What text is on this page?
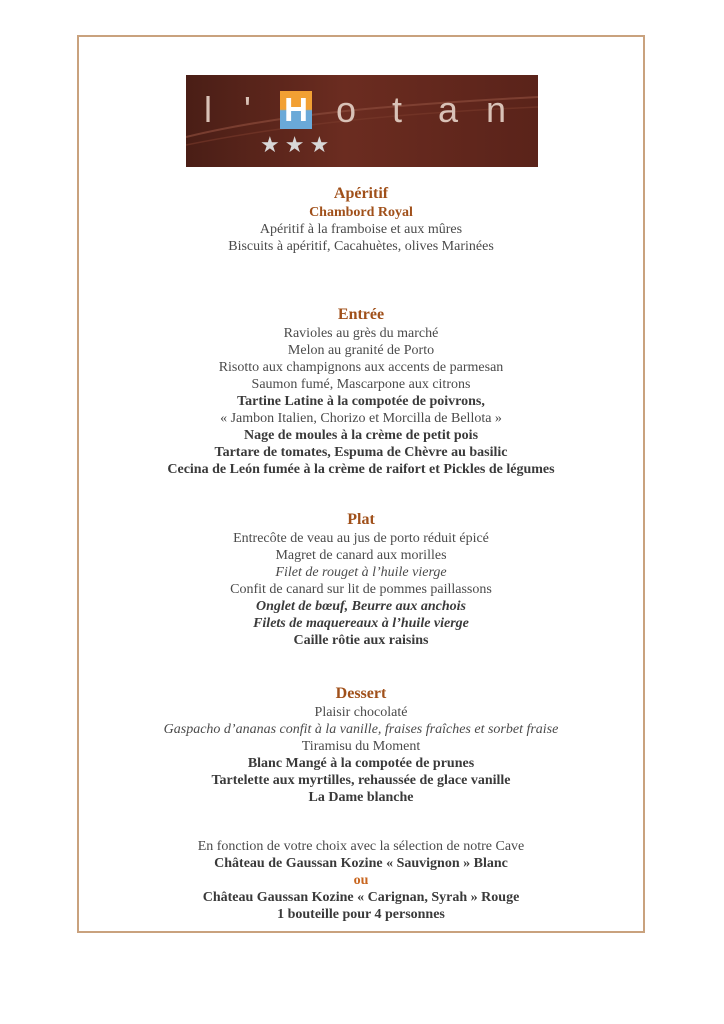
l ' o t a n
H
★★★
Apéritif
Chambord Royal
Apéritif à la framboise et aux mûres
Biscuits à apéritif, Cacahuètes, olives Marinées
Entrée
Ravioles au grès du marché
Melon au granité de Porto
Risotto aux champignons aux accents de parmesan
Saumon fumé, Mascarpone aux citrons
Tartine Latine à la compotée de poivrons,
« Jambon Italien, Chorizo et Morcilla de Bellota »
Nage de moules à la crème de petit pois
Tartare de tomates, Espuma de Chèvre au basilic
Cecina de León fumée à la crème de raifort et Pickles de légumes
Plat
Entrecôte de veau au jus de porto réduit épicé
Magret de canard aux morilles
Filet de rouget à l’huile vierge
Confit de canard sur lit de pommes paillassons
Onglet de bœuf, Beurre aux anchois
Filets de maquereaux à l’huile vierge
Caille rôtie aux raisins
Dessert
Plaisir chocolaté
Gaspacho d’ananas confit à la vanille, fraises fraîches et sorbet fraise
Tiramisu du Moment
Blanc Mangé à la compotée de prunes
Tartelette aux myrtilles, rehaussée de glace vanille
La Dame blanche
En fonction de votre choix avec la sélection de notre Cave
Château de Gaussan Kozine « Sauvignon » Blanc
ou
Château Gaussan Kozine « Carignan, Syrah » Rouge
1 bouteille pour 4 personnes
